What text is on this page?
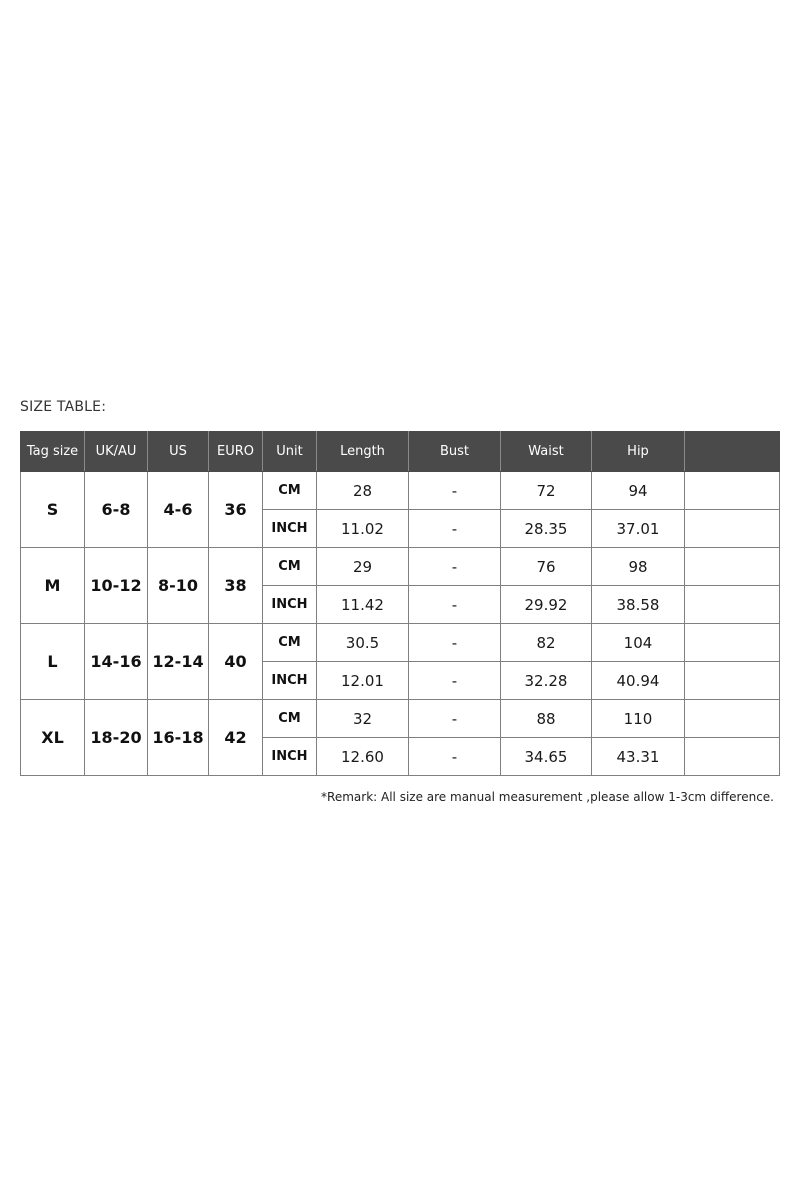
SIZE TABLE:
Tag size	UK/AU	US	EURO	Unit	Length	Bust	Waist	Hip	
S	6-8	4-6	36	CM	28	-	72	94	
				INCH	11.02	-	28.35	37.01	
M	10-12	8-10	38	CM	29	-	76	98	
				INCH	11.42	-	29.92	38.58	
L	14-16	12-14	40	CM	30.5	-	82	104	
				INCH	12.01	-	32.28	40.94	
XL	18-20	16-18	42	CM	32	-	88	110	
				INCH	12.60	-	34.65	43.31	
*Remark: All size are manual measurement ,please allow 1-3cm difference.
